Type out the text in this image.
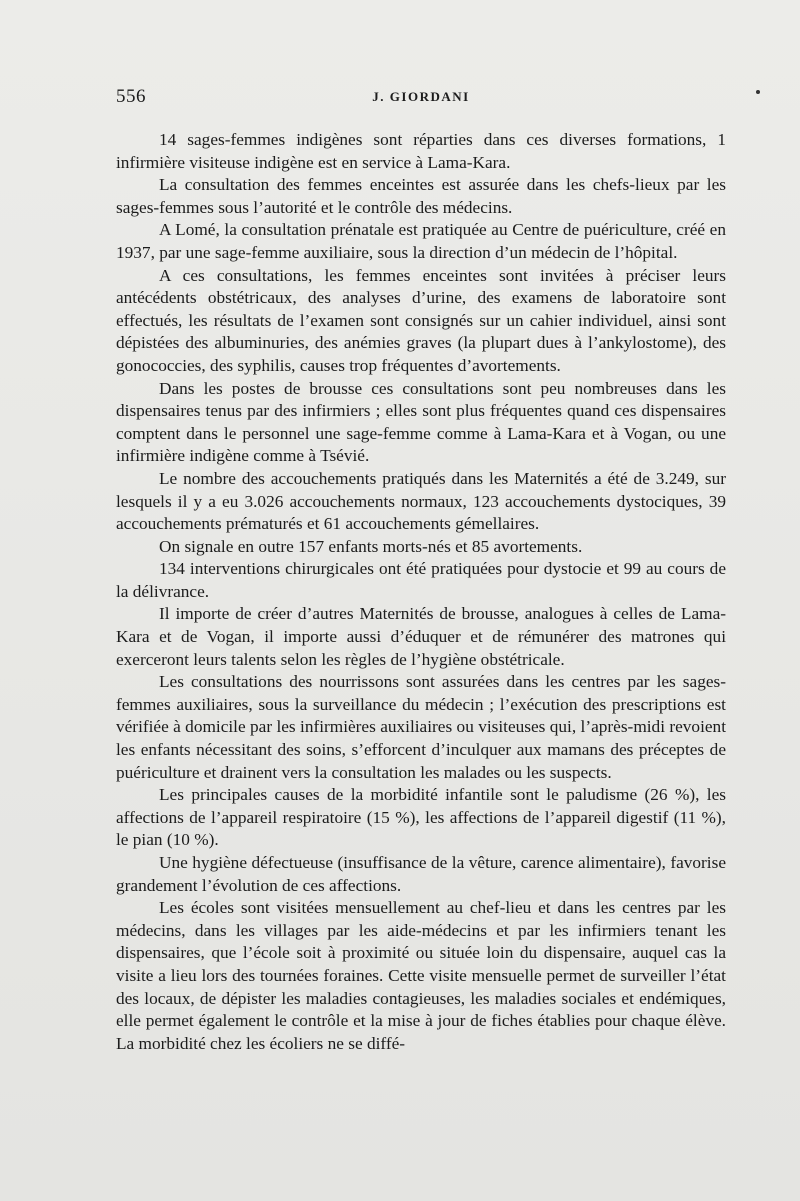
556	J. GIORDANI

14 sages-femmes indigènes sont réparties dans ces diverses formations, 1 infirmière visiteuse indigène est en service à Lama-Kara.

La consultation des femmes enceintes est assurée dans les chefs-lieux par les sages-femmes sous l’autorité et le contrôle des médecins.

A Lomé, la consultation prénatale est pratiquée au Centre de puériculture, créé en 1937, par une sage-femme auxiliaire, sous la direction d’un médecin de l’hôpital.

A ces consultations, les femmes enceintes sont invitées à préciser leurs antécédents obstétricaux, des analyses d’urine, des examens de laboratoire sont effectués, les résultats de l’examen sont consignés sur un cahier individuel, ainsi sont dépistées des albuminuries, des anémies graves (la plupart dues à l’ankylostome), des gonococcies, des syphilis, causes trop fréquentes d’avortements.

Dans les postes de brousse ces consultations sont peu nombreuses dans les dispensaires tenus par des infirmiers ; elles sont plus fréquentes quand ces dispensaires comptent dans le personnel une sage-femme comme à Lama-Kara et à Vogan, ou une infirmière indigène comme à Tsévié.

Le nombre des accouchements pratiqués dans les Maternités a été de 3.249, sur lesquels il y a eu 3.026 accouchements normaux, 123 accouchements dystociques, 39 accouchements prématurés et 61 accouchements gémellaires.

On signale en outre 157 enfants morts-nés et 85 avortements.

134 interventions chirurgicales ont été pratiquées pour dystocie et 99 au cours de la délivrance.

Il importe de créer d’autres Maternités de brousse, analogues à celles de Lama-Kara et de Vogan, il importe aussi d’éduquer et de rémunérer des matrones qui exerceront leurs talents selon les règles de l’hygiène obstétricale.

Les consultations des nourrissons sont assurées dans les centres par les sages-femmes auxiliaires, sous la surveillance du médecin ; l’exécution des prescriptions est vérifiée à domicile par les infirmières auxiliaires ou visiteuses qui, l’après-midi revoient les enfants nécessitant des soins, s’efforcent d’inculquer aux mamans des préceptes de puériculture et drainent vers la consultation les malades ou les suspects.

Les principales causes de la morbidité infantile sont le paludisme (26 %), les affections de l’appareil respiratoire (15 %), les affections de l’appareil digestif (11 %), le pian (10 %).

Une hygiène défectueuse (insuffisance de la vêture, carence alimentaire), favorise grandement l’évolution de ces affections.

Les écoles sont visitées mensuellement au chef-lieu et dans les centres par les médecins, dans les villages par les aide-médecins et par les infirmiers tenant les dispensaires, que l’école soit à proximité ou située loin du dispensaire, auquel cas la visite a lieu lors des tournées foraines. Cette visite mensuelle permet de surveiller l’état des locaux, de dépister les maladies contagieuses, les maladies sociales et endémiques, elle permet également le contrôle et la mise à jour de fiches établies pour chaque élève. La morbidité chez les écoliers ne se diffé-
